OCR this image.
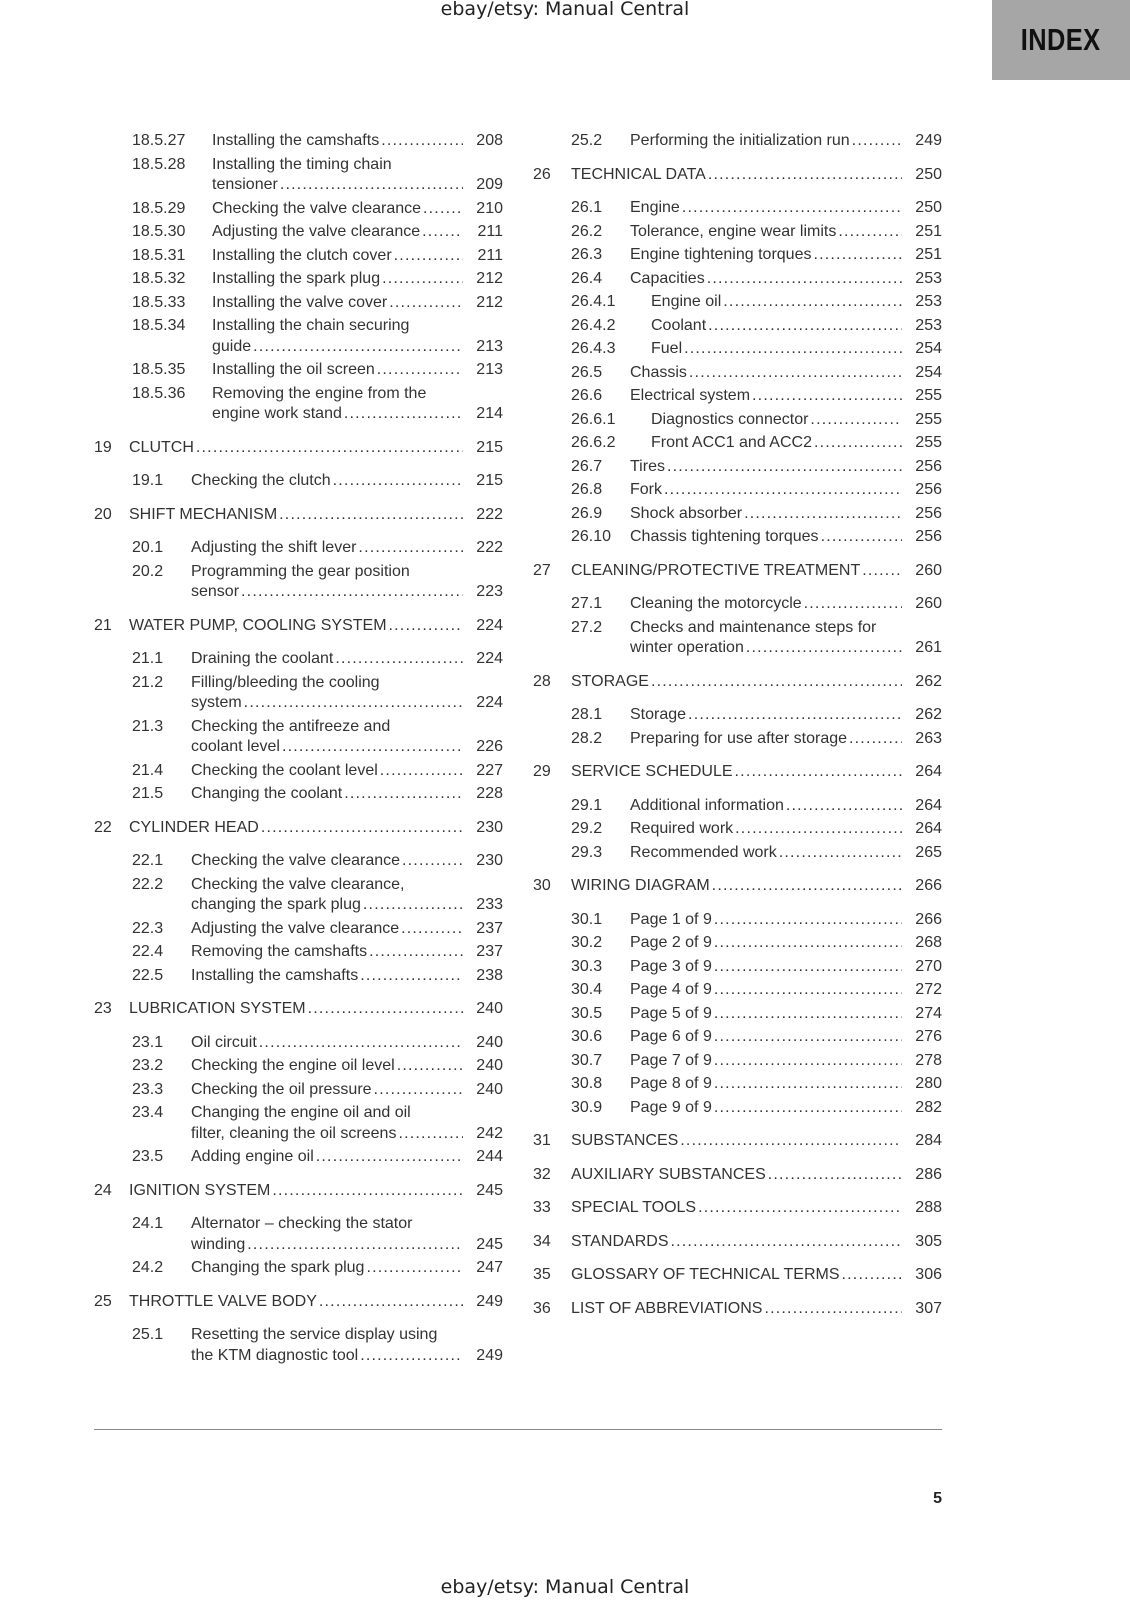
ebay/etsy: Manual Central
INDEX
18.5.27 Installing the camshafts .....	208
18.5.28 Installing the timing chain
tensioner .....	209
18.5.29 Checking the valve clearance .....	210
18.5.30 Adjusting the valve clearance .....	211
18.5.31 Installing the clutch cover .....	211
18.5.32 Installing the spark plug .....	212
18.5.33 Installing the valve cover .....	212
18.5.34 Installing the chain securing
guide .....	213
18.5.35 Installing the oil screen .....	213
18.5.36 Removing the engine from the
engine work stand .....	214
19 CLUTCH .....	215
19.1 Checking the clutch .....	215
20 SHIFT MECHANISM .....	222
20.1 Adjusting the shift lever .....	222
20.2 Programming the gear position
sensor .....	223
21 WATER PUMP, COOLING SYSTEM .....	224
21.1 Draining the coolant .....	224
21.2 Filling/bleeding the cooling
system .....	224
21.3 Checking the antifreeze and
coolant level .....	226
21.4 Checking the coolant level .....	227
21.5 Changing the coolant .....	228
22 CYLINDER HEAD .....	230
22.1 Checking the valve clearance .....	230
22.2 Checking the valve clearance,
changing the spark plug .....	233
22.3 Adjusting the valve clearance .....	237
22.4 Removing the camshafts .....	237
22.5 Installing the camshafts .....	238
23 LUBRICATION SYSTEM .....	240
23.1 Oil circuit .....	240
23.2 Checking the engine oil level .....	240
23.3 Checking the oil pressure .....	240
23.4 Changing the engine oil and oil
filter, cleaning the oil screens .....	242
23.5 Adding engine oil .....	244
24 IGNITION SYSTEM .....	245
24.1 Alternator – checking the stator
winding .....	245
24.2 Changing the spark plug .....	247
25 THROTTLE VALVE BODY .....	249
25.1 Resetting the service display using
the KTM diagnostic tool .....	249
25.2 Performing the initialization run .....	249
26 TECHNICAL DATA .....	250
26.1 Engine .....	250
26.2 Tolerance, engine wear limits .....	251
26.3 Engine tightening torques .....	251
26.4 Capacities .....	253
26.4.1 Engine oil .....	253
26.4.2 Coolant .....	253
26.4.3 Fuel .....	254
26.5 Chassis .....	254
26.6 Electrical system .....	255
26.6.1 Diagnostics connector .....	255
26.6.2 Front ACC1 and ACC2 .....	255
26.7 Tires .....	256
26.8 Fork .....	256
26.9 Shock absorber .....	256
26.10 Chassis tightening torques .....	256
27 CLEANING/PROTECTIVE TREATMENT .....	260
27.1 Cleaning the motorcycle .....	260
27.2 Checks and maintenance steps for
winter operation .....	261
28 STORAGE .....	262
28.1 Storage .....	262
28.2 Preparing for use after storage .....	263
29 SERVICE SCHEDULE .....	264
29.1 Additional information .....	264
29.2 Required work .....	264
29.3 Recommended work .....	265
30 WIRING DIAGRAM .....	266
30.1 Page 1 of 9 .....	266
30.2 Page 2 of 9 .....	268
30.3 Page 3 of 9 .....	270
30.4 Page 4 of 9 .....	272
30.5 Page 5 of 9 .....	274
30.6 Page 6 of 9 .....	276
30.7 Page 7 of 9 .....	278
30.8 Page 8 of 9 .....	280
30.9 Page 9 of 9 .....	282
31 SUBSTANCES .....	284
32 AUXILIARY SUBSTANCES .....	286
33 SPECIAL TOOLS .....	288
34 STANDARDS .....	305
35 GLOSSARY OF TECHNICAL TERMS .....	306
36 LIST OF ABBREVIATIONS .....	307
5
ebay/etsy: Manual Central
